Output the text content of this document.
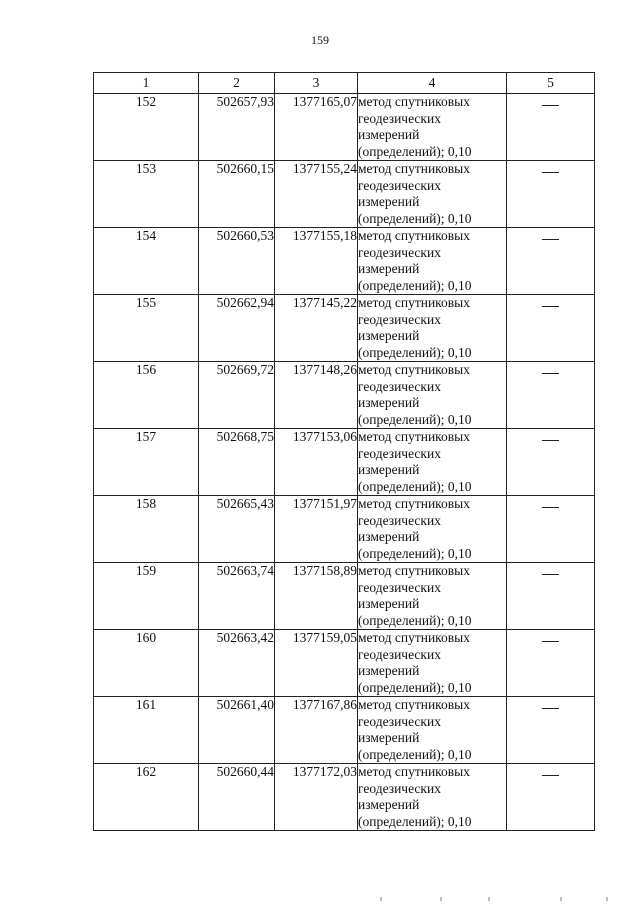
159
1	2	3	4	5
152	502657,93	1377165,07	метод спутниковых
геодезических
измерений
(определений); 0,10	

153	502660,15	1377155,24	метод спутниковых
геодезических
измерений
(определений); 0,10	

154	502660,53	1377155,18	метод спутниковых
геодезических
измерений
(определений); 0,10	

155	502662,94	1377145,22	метод спутниковых
геодезических
измерений
(определений); 0,10	

156	502669,72	1377148,26	метод спутниковых
геодезических
измерений
(определений); 0,10	

157	502668,75	1377153,06	метод спутниковых
геодезических
измерений
(определений); 0,10	

158	502665,43	1377151,97	метод спутниковых
геодезических
измерений
(определений); 0,10	

159	502663,74	1377158,89	метод спутниковых
геодезических
измерений
(определений); 0,10	

160	502663,42	1377159,05	метод спутниковых
геодезических
измерений
(определений); 0,10	

161	502661,40	1377167,86	метод спутниковых
геодезических
измерений
(определений); 0,10	

162	502660,44	1377172,03	метод спутниковых
геодезических
измерений
(определений); 0,10	
